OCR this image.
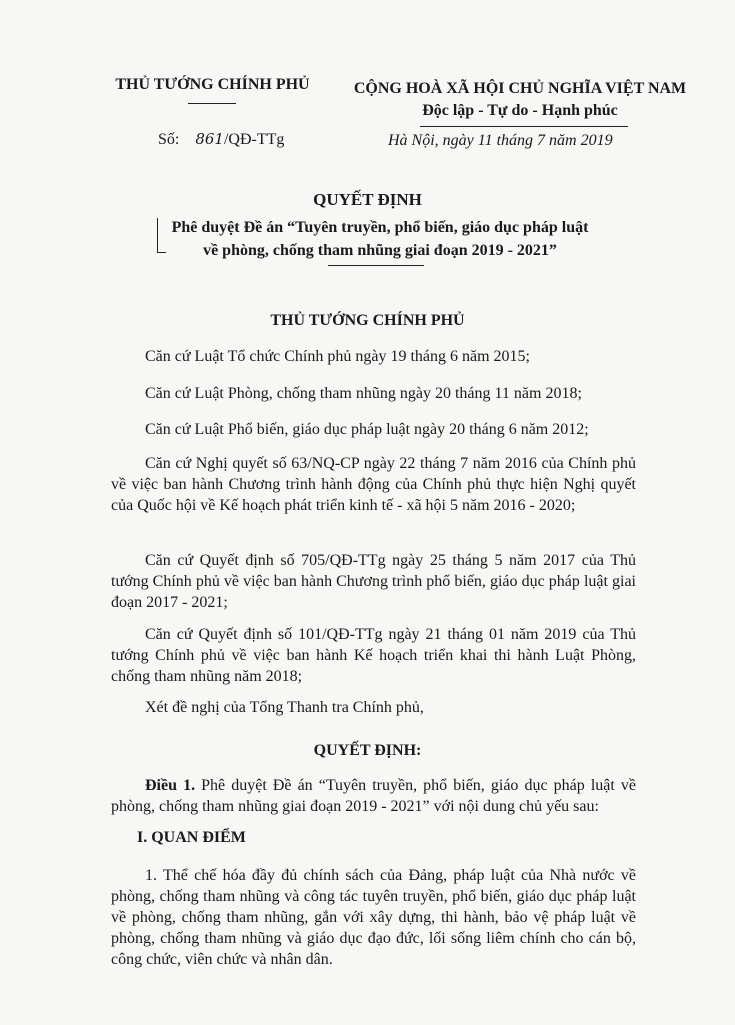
THỦ TƯỚNG CHÍNH PHỦ	CỘNG HOÀ XÃ HỘI CHỦ NGHĨA VIỆT NAM
Độc lập - Tự do - Hạnh phúc
Số: 861/QĐ-TTg	Hà Nội, ngày 11 tháng 7 năm 2019
QUYẾT ĐỊNH
Phê duyệt Đề án “Tuyên truyền, phổ biến, giáo dục pháp luật
về phòng, chống tham nhũng giai đoạn 2019 - 2021”
THỦ TƯỚNG CHÍNH PHỦ
Căn cứ Luật Tổ chức Chính phủ ngày 19 tháng 6 năm 2015;
Căn cứ Luật Phòng, chống tham nhũng ngày 20 tháng 11 năm 2018;
Căn cứ Luật Phổ biến, giáo dục pháp luật ngày 20 tháng 6 năm 2012;
Căn cứ Nghị quyết số 63/NQ-CP ngày 22 tháng 7 năm 2016 của Chính phủ về việc ban hành Chương trình hành động của Chính phủ thực hiện Nghị quyết của Quốc hội về Kế hoạch phát triển kinh tế - xã hội 5 năm 2016 - 2020;
Căn cứ Quyết định số 705/QĐ-TTg ngày 25 tháng 5 năm 2017 của Thủ tướng Chính phủ về việc ban hành Chương trình phổ biến, giáo dục pháp luật giai đoạn 2017 - 2021;
Căn cứ Quyết định số 101/QĐ-TTg ngày 21 tháng 01 năm 2019 của Thủ tướng Chính phủ về việc ban hành Kế hoạch triển khai thi hành Luật Phòng, chống tham nhũng năm 2018;
Xét đề nghị của Tổng Thanh tra Chính phủ,
QUYẾT ĐỊNH:
Điều 1. Phê duyệt Đề án “Tuyên truyền, phổ biến, giáo dục pháp luật về phòng, chống tham nhũng giai đoạn 2019 - 2021” với nội dung chủ yếu sau:
I. QUAN ĐIỂM
1. Thể chế hóa đầy đủ chính sách của Đảng, pháp luật của Nhà nước về phòng, chống tham nhũng và công tác tuyên truyền, phổ biến, giáo dục pháp luật về phòng, chống tham nhũng, gắn với xây dựng, thi hành, bảo vệ pháp luật về phòng, chống tham nhũng và giáo dục đạo đức, lối sống liêm chính cho cán bộ, công chức, viên chức và nhân dân.
